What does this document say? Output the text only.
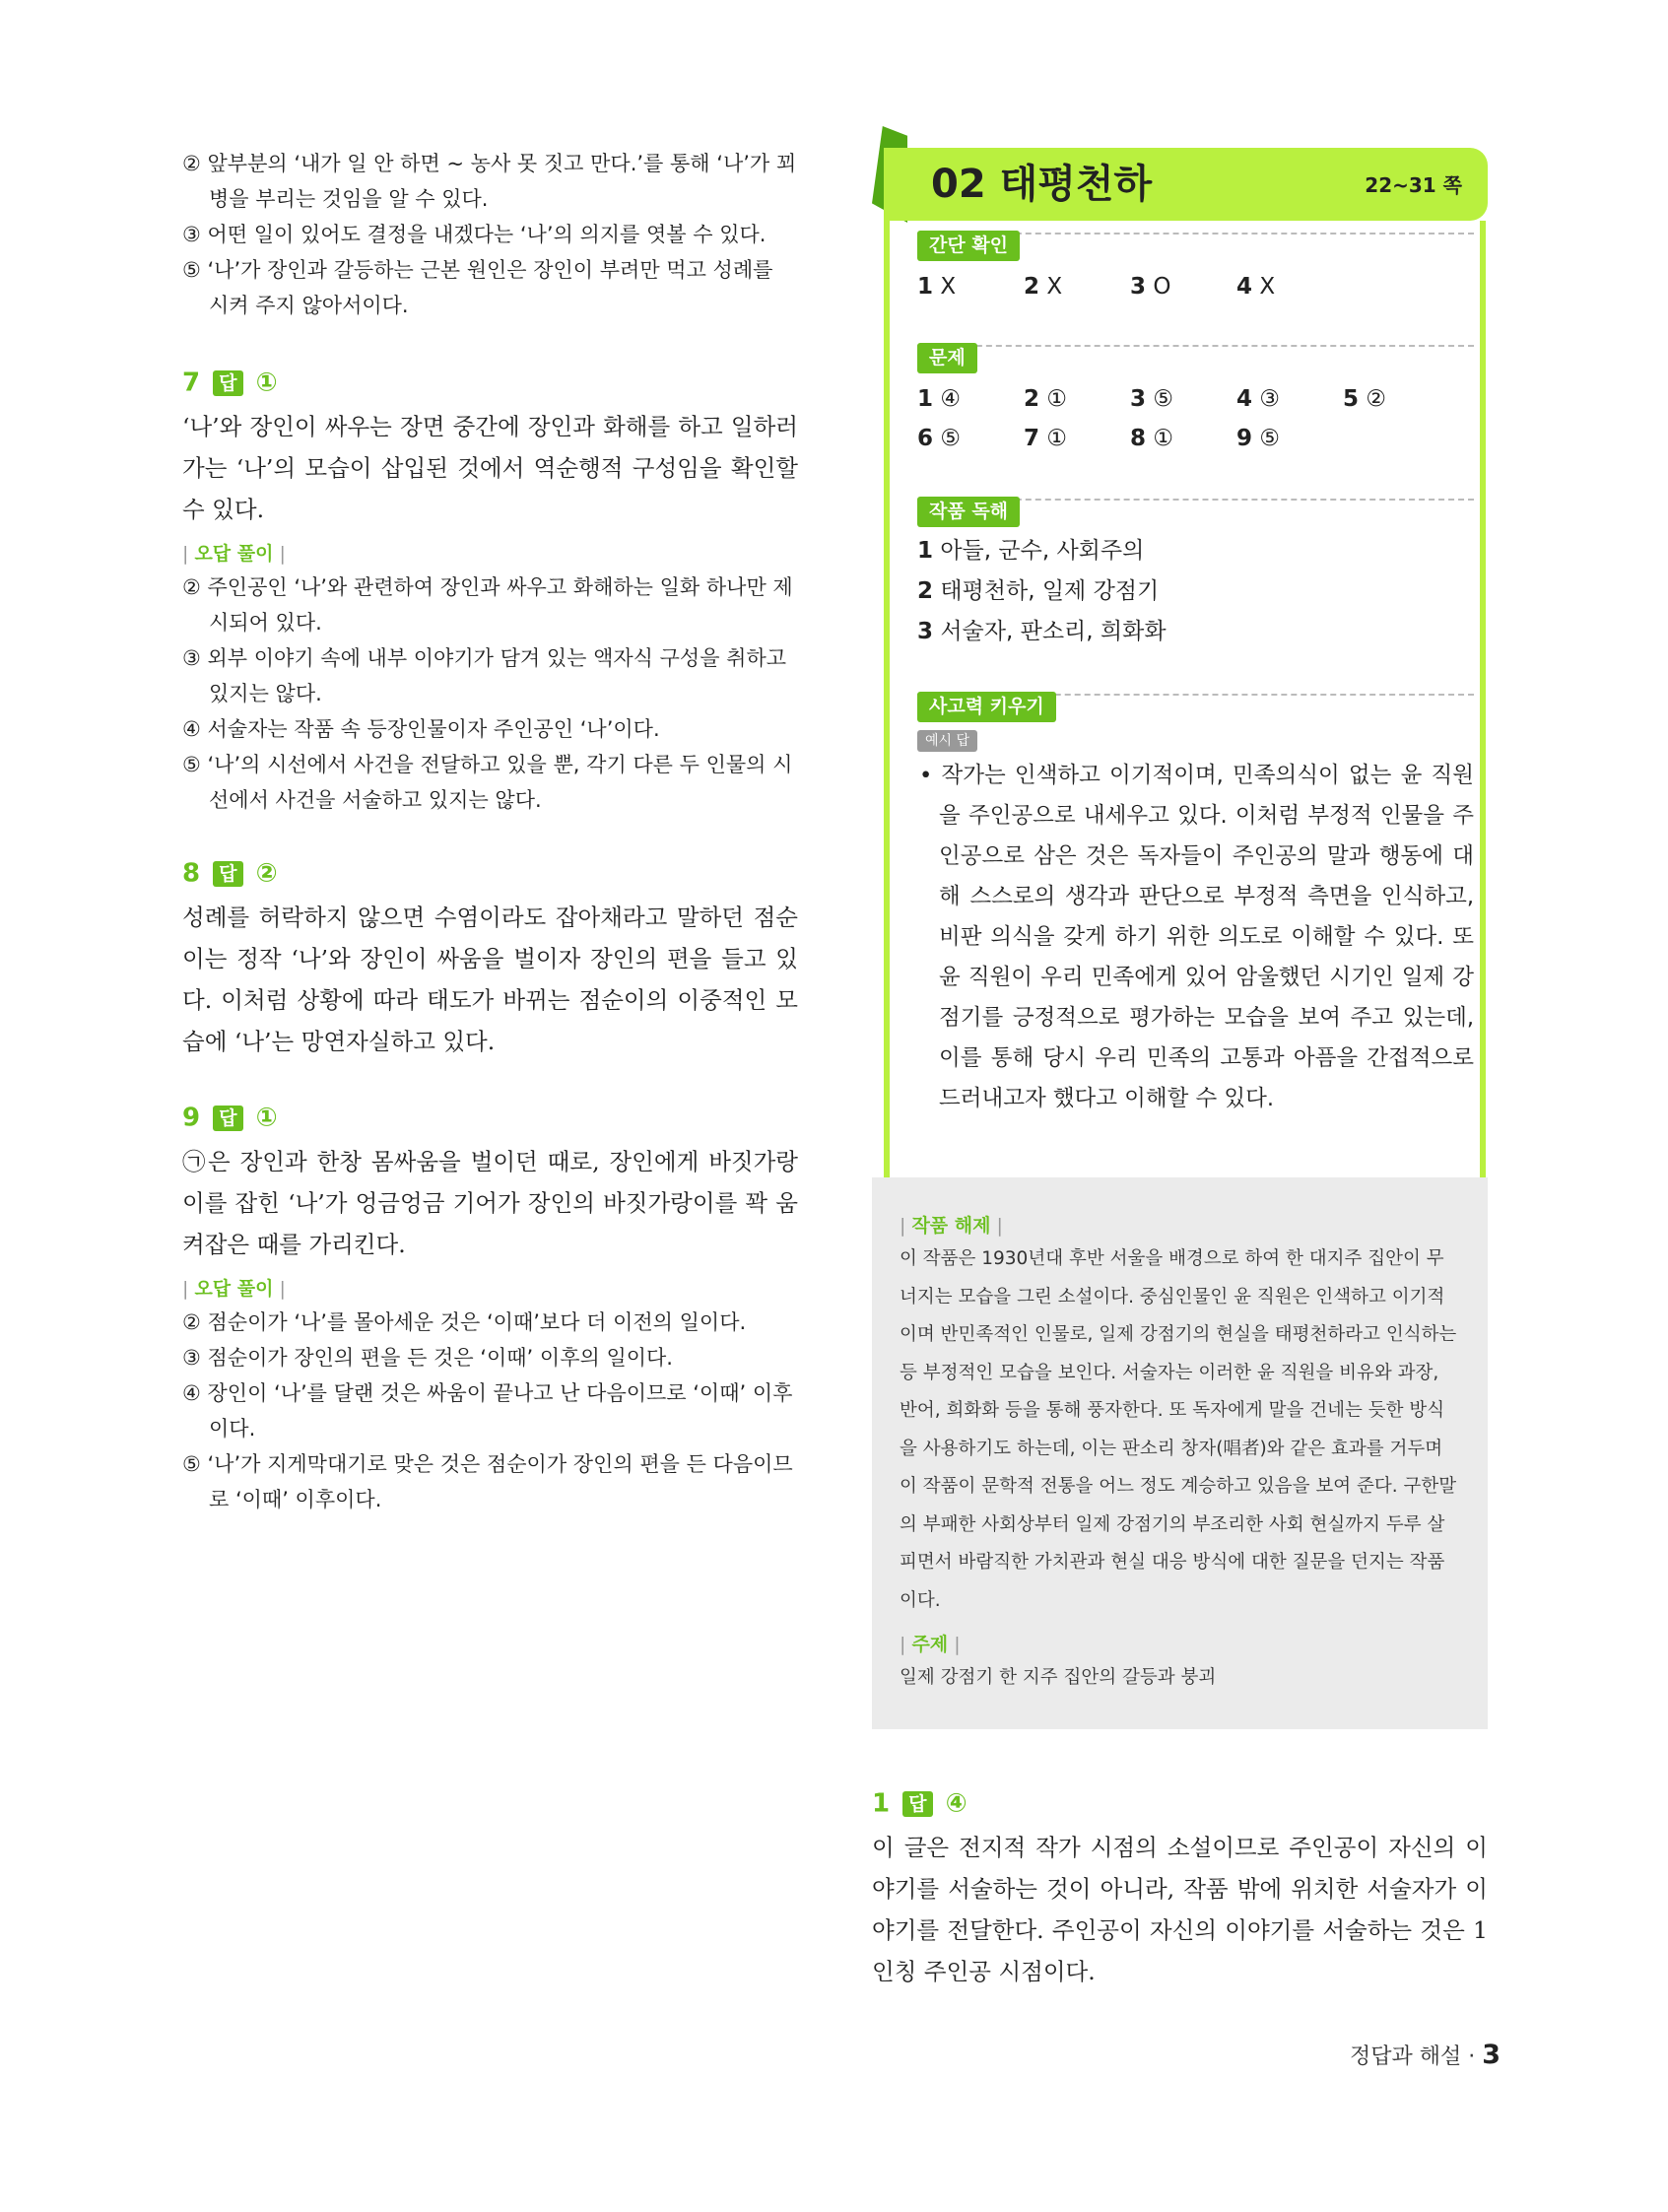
② 앞부분의 ‘내가 일 안 하면 ~ 농사 못 짓고 만다.’를 통해 ‘나’가 꾀병을 부리는 것임을 알 수 있다.
③ 어떤 일이 있어도 결정을 내겠다는 ‘나’의 의지를 엿볼 수 있다.
⑤ ‘나’가 장인과 갈등하는 근본 원인은 장인이 부려만 먹고 성례를 시켜 주지 않아서이다.
7 답 ①
‘나’와 장인이 싸우는 장면 중간에 장인과 화해를 하고 일하러 가는 ‘나’의 모습이 삽입된 것에서 역순행적 구성임을 확인할 수 있다.
| 오답 풀이 |
② 주인공인 ‘나’와 관련하여 장인과 싸우고 화해하는 일화 하나만 제시되어 있다.
③ 외부 이야기 속에 내부 이야기가 담겨 있는 액자식 구성을 취하고 있지는 않다.
④ 서술자는 작품 속 등장인물이자 주인공인 ‘나’이다.
⑤ ‘나’의 시선에서 사건을 전달하고 있을 뿐, 각기 다른 두 인물의 시선에서 사건을 서술하고 있지는 않다.
8 답 ②
성례를 허락하지 않으면 수염이라도 잡아채라고 말하던 점순이는 정작 ‘나’와 장인이 싸움을 벌이자 장인의 편을 들고 있다. 이처럼 상황에 따라 태도가 바뀌는 점순이의 이중적인 모습에 ‘나’는 망연자실하고 있다.
9 답 ①
㉠은 장인과 한창 몸싸움을 벌이던 때로, 장인에게 바짓가랑이를 잡힌 ‘나’가 엉금엉금 기어가 장인의 바짓가랑이를 꽉 움켜잡은 때를 가리킨다.
| 오답 풀이 |
② 점순이가 ‘나’를 몰아세운 것은 ‘이때’보다 더 이전의 일이다.
③ 점순이가 장인의 편을 든 것은 ‘이때’ 이후의 일이다.
④ 장인이 ‘나’를 달랜 것은 싸움이 끝나고 난 다음이므로 ‘이때’ 이후이다.
⑤ ‘나’가 지게막대기로 맞은 것은 점순이가 장인의 편을 든 다음이므로 ‘이때’ 이후이다.
02 태평천하	22~31 쪽
간단 확인
1 X	2 X	3 O	4 X
문제
1 ④	2 ①	3 ⑤	4 ③	5 ②
6 ⑤	7 ①	8 ①	9 ⑤
작품 독해
1 아들, 군수, 사회주의
2 태평천하, 일제 강점기
3 서술자, 판소리, 희화화
사고력 키우기
예시 답
• 작가는 인색하고 이기적이며, 민족의식이 없는 윤 직원을 주인공으로 내세우고 있다. 이처럼 부정적 인물을 주인공으로 삼은 것은 독자들이 주인공의 말과 행동에 대해 스스로의 생각과 판단으로 부정적 측면을 인식하고, 비판 의식을 갖게 하기 위한 의도로 이해할 수 있다. 또 윤 직원이 우리 민족에게 있어 암울했던 시기인 일제 강점기를 긍정적으로 평가하는 모습을 보여 주고 있는데, 이를 통해 당시 우리 민족의 고통과 아픔을 간접적으로 드러내고자 했다고 이해할 수 있다.
| 작품 해제 |
이 작품은 1930년대 후반 서울을 배경으로 하여 한 대지주 집안이 무너지는 모습을 그린 소설이다. 중심인물인 윤 직원은 인색하고 이기적이며 반민족적인 인물로, 일제 강점기의 현실을 태평천하라고 인식하는 등 부정적인 모습을 보인다. 서술자는 이러한 윤 직원을 비유와 과장, 반어, 희화화 등을 통해 풍자한다. 또 독자에게 말을 건네는 듯한 방식을 사용하기도 하는데, 이는 판소리 창자(唱者)와 같은 효과를 거두며 이 작품이 문학적 전통을 어느 정도 계승하고 있음을 보여 준다. 구한말의 부패한 사회상부터 일제 강점기의 부조리한 사회 현실까지 두루 살피면서 바람직한 가치관과 현실 대응 방식에 대한 질문을 던지는 작품이다.
| 주제 |
일제 강점기 한 지주 집안의 갈등과 붕괴
1 답 ④
이 글은 전지적 작가 시점의 소설이므로 주인공이 자신의 이야기를 서술하는 것이 아니라, 작품 밖에 위치한 서술자가 이야기를 전달한다. 주인공이 자신의 이야기를 서술하는 것은 1인칭 주인공 시점이다.
정답과 해설 · 3
